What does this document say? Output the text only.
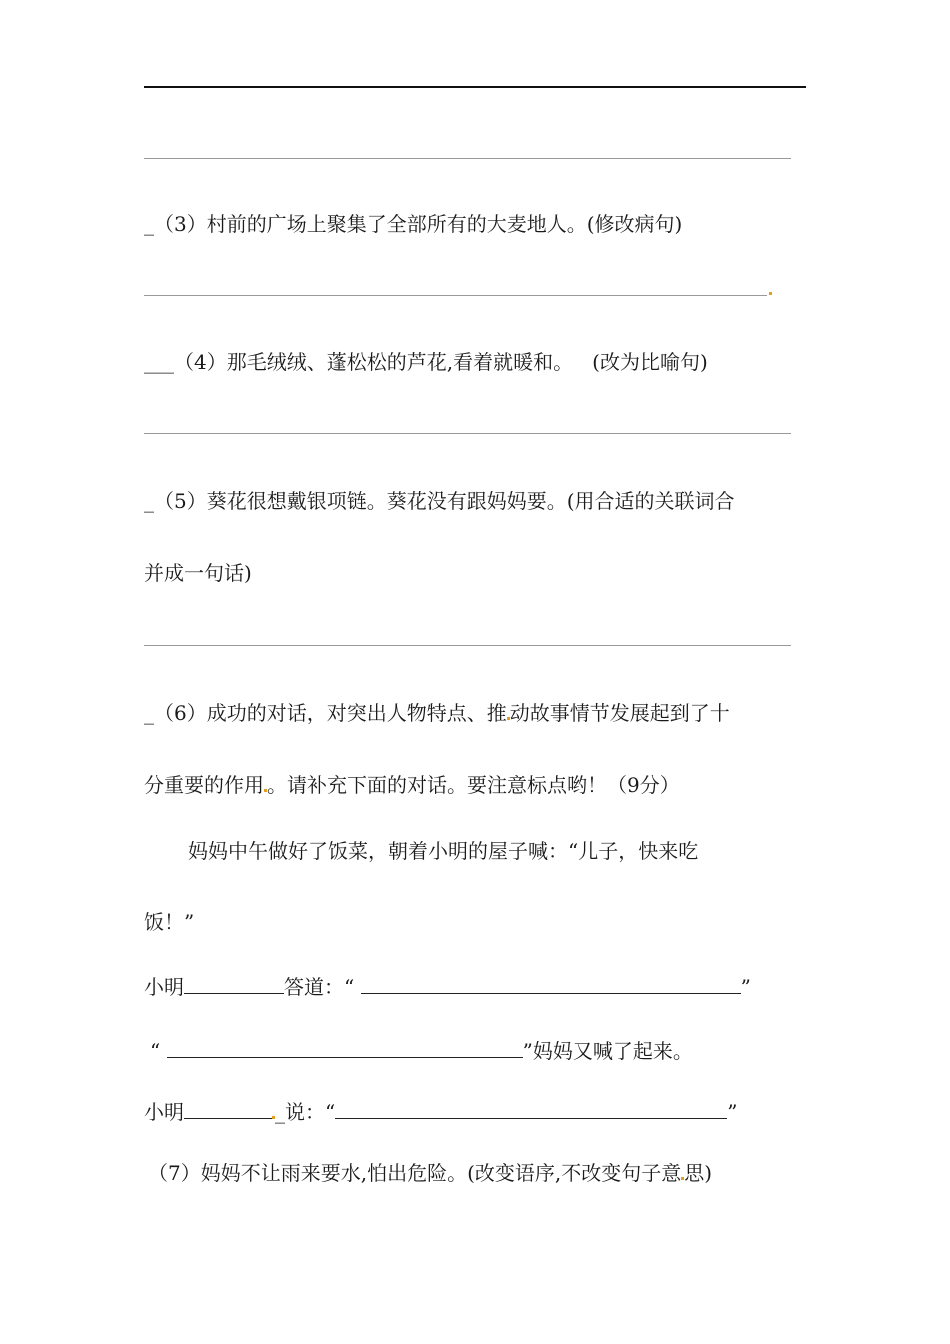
_（3）村前的广场上聚集了全部所有的大麦地人。(修改病句)
___（4）那毛绒绒、蓬松松的芦花,看着就暖和。   (改为比喻句)
_（5）葵花很想戴银项链。葵花没有跟妈妈要。(用合适的关联词合
并成一句话)
_（6）成功的对话，对突出人物特点、推 动故事情节发展起到了十
分重要的作用 。请补充下面的对话。要注意标点哟！（9分）
妈妈中午做好了饭菜，朝着小明的屋子喊：“儿子，快来吃
饭！”
小明	答道：“	”
“	”妈妈又喊了起来。
小明	_说：“	”
（7）妈妈不让雨来要水,怕出危险。(改变语序,不改变句子意 思)
